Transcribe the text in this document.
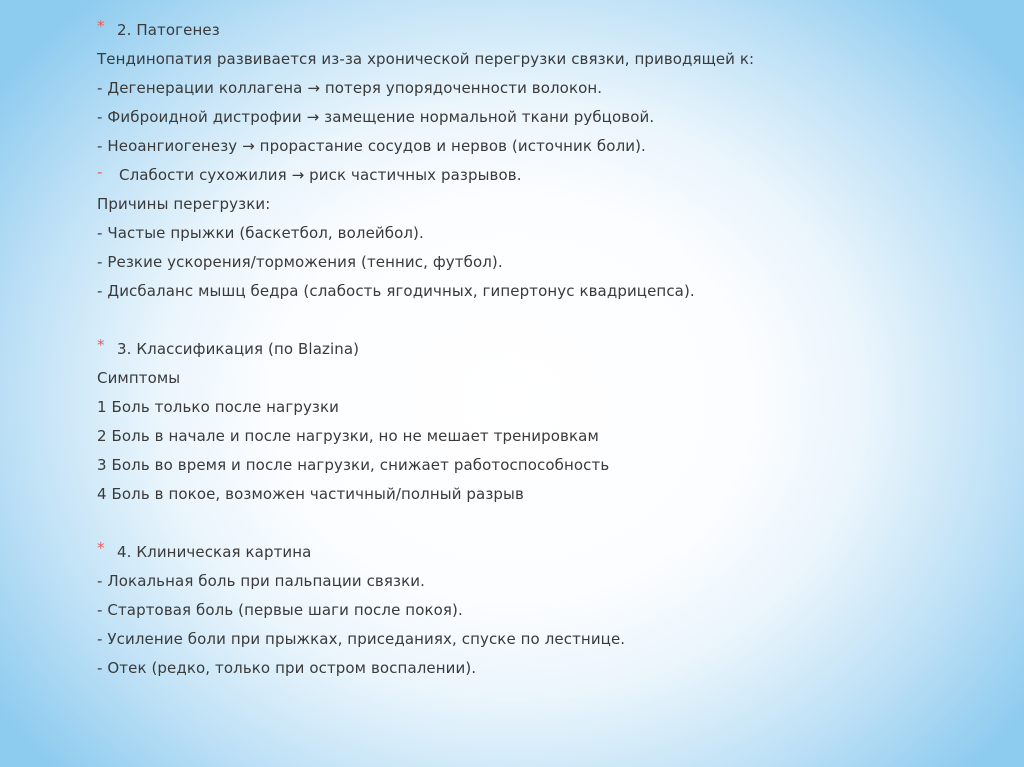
* 2. Патогенез
Тендинопатия развивается из-за хронической перегрузки связки, приводящей к:
- Дегенерации коллагена → потеря упорядоченности волокон.
- Фиброидной дистрофии → замещение нормальной ткани рубцовой.
- Неоангиогенезу → прорастание сосудов и нервов (источник боли).
- Слабости сухожилия → риск частичных разрывов.
Причины перегрузки:
- Частые прыжки (баскетбол, волейбол).
- Резкие ускорения/торможения (теннис, футбол).
- Дисбаланс мышц бедра (слабость ягодичных, гипертонус квадрицепса).
* 3. Классификация (по Blazina)
Симптомы
1 Боль только после нагрузки
2 Боль в начале и после нагрузки, но не мешает тренировкам
3 Боль во время и после нагрузки, снижает работоспособность
4 Боль в покое, возможен частичный/полный разрыв
* 4. Клиническая картина
- Локальная боль при пальпации связки.
- Стартовая боль (первые шаги после покоя).
- Усиление боли при прыжках, приседаниях, спуске по лестнице.
- Отек (редко, только при остром воспалении).
